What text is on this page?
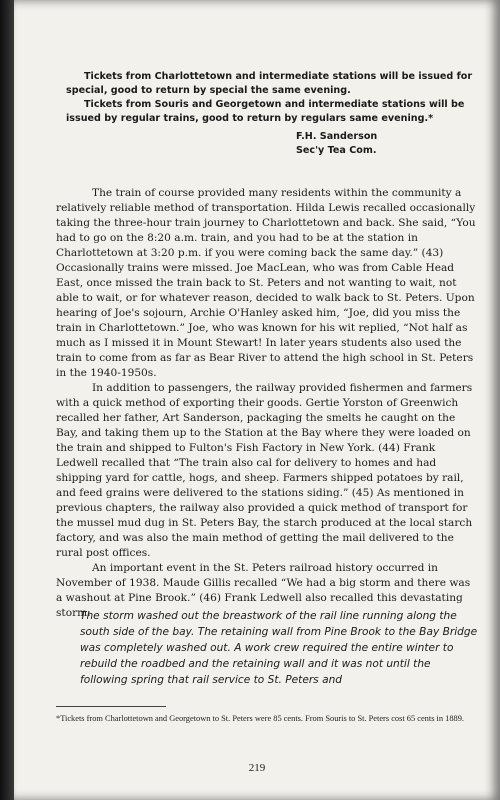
Tickets from Charlottetown and intermediate stations will be issued for special, good to return by special the same evening.

Tickets from Souris and Georgetown and intermediate stations will be issued by regular trains, good to return by regulars same evening.*

F.H. Sanderson
Sec'y Tea Com.

The train of course provided many residents within the community a relatively reliable method of transportation. Hilda Lewis recalled occasionally taking the three-hour train journey to Charlottetown and back. She said, “You had to go on the 8:20 a.m. train, and you had to be at the station in Charlottetown at 3:20 p.m. if you were coming back the same day.” (43) Occasionally trains were missed. Joe MacLean, who was from Cable Head East, once missed the train back to St. Peters and not wanting to wait, not able to wait, or for whatever reason, decided to walk back to St. Peters. Upon hearing of Joe's sojourn, Archie O'Hanley asked him, “Joe, did you miss the train in Charlottetown.” Joe, who was known for his wit replied, “Not half as much as I missed it in Mount Stewart! In later years students also used the train to come from as far as Bear River to attend the high school in St. Peters in the 1940-1950s.

In addition to passengers, the railway provided fishermen and farmers with a quick method of exporting their goods. Gertie Yorston of Greenwich recalled her father, Art Sanderson, packaging the smelts he caught on the Bay, and taking them up to the Station at the Bay where they were loaded on the train and shipped to Fulton's Fish Factory in New York. (44) Frank Ledwell recalled that “The train also cal for delivery to homes and had shipping yard for cattle, hogs, and sheep. Farmers shipped potatoes by rail, and feed grains were delivered to the stations siding.” (45) As mentioned in previous chapters, the railway also provided a quick method of transport for the mussel mud dug in St. Peters Bay, the starch produced at the local starch factory, and was also the main method of getting the mail delivered to the rural post offices.

An important event in the St. Peters railroad history occurred in November of 1938. Maude Gillis recalled “We had a big storm and there was a washout at Pine Brook.” (46) Frank Ledwell also recalled this devastating storm:

The storm washed out the breastwork of the rail line running along the south side of the bay. The retaining wall from Pine Brook to the Bay Bridge was completely washed out. A work crew required the entire winter to rebuild the roadbed and the retaining wall and it was not until the following spring that rail service to St. Peters and
*Tickets from Charlottetown and Georgetown to St. Peters were 85 cents. From Souris to St. Peters cost 65 cents in 1889.
219
